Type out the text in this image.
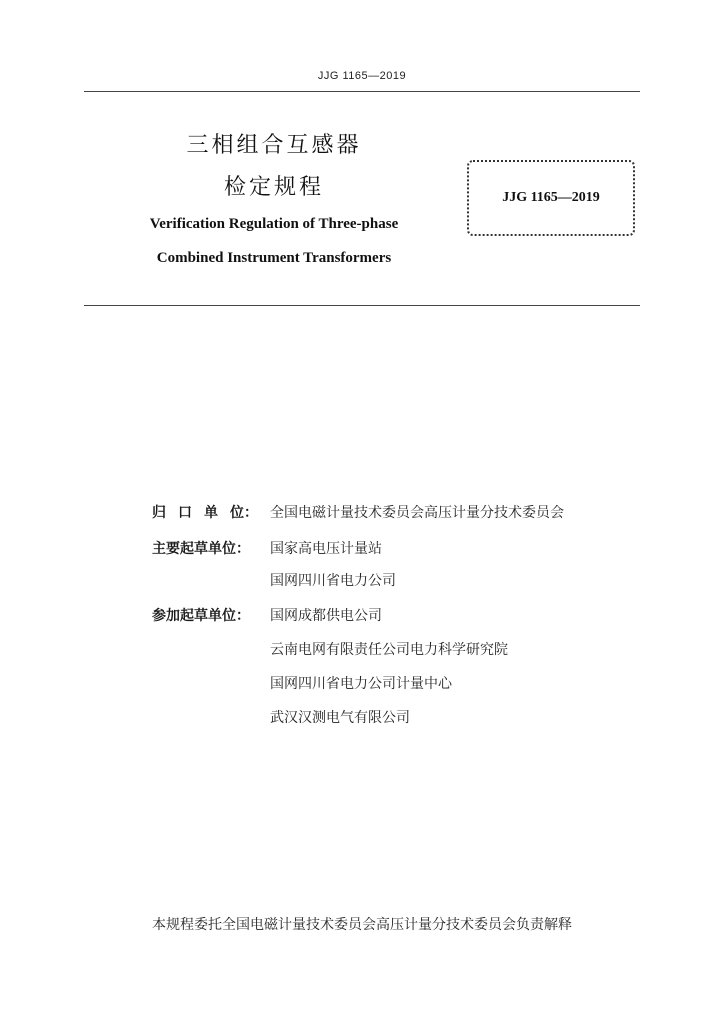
JJG 1165—2019
三相组合互感器
检定规程
Verification Regulation of Three-phase
Combined Instrument Transformers
JJG 1165—2019
归 口 单 位： 全国电磁计量技术委员会高压计量分技术委员会
主要起草单位：	国家高电压计量站
国网四川省电力公司
参加起草单位：	国网成都供电公司
云南电网有限责任公司电力科学研究院
国网四川省电力公司计量中心
武汉汉测电气有限公司
本规程委托全国电磁计量技术委员会高压计量分技术委员会负责解释
